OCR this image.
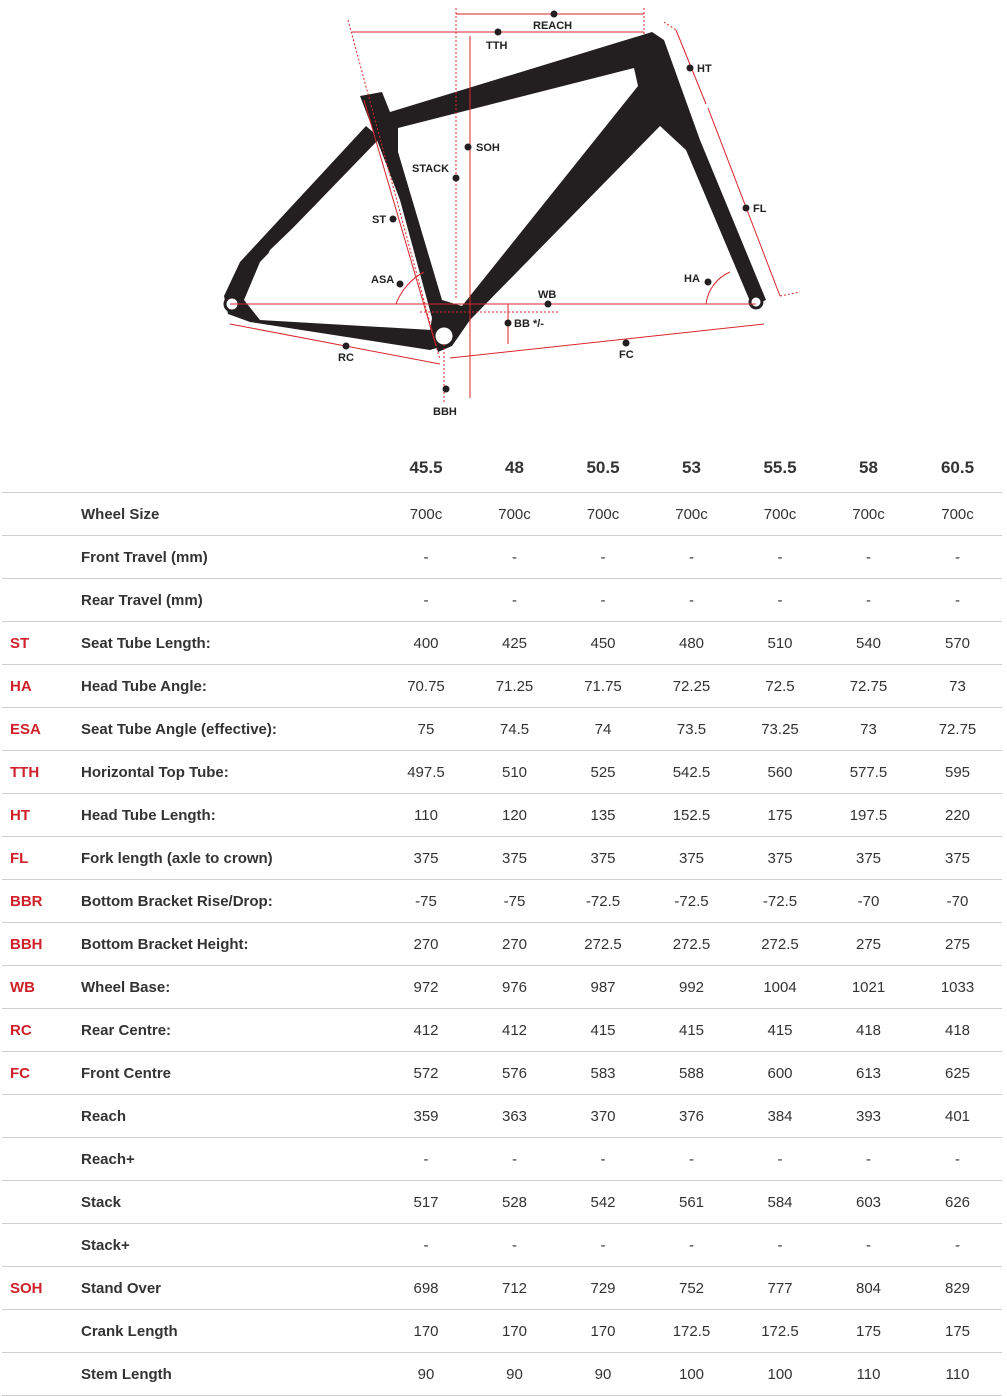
REACH
TTH
HT
SOH
STACK
ST
FL
ASA	HA
WB
BB */-
RC	FC
BBH
		45.5	48	50.5	53	55.5	58	60.5
	Wheel Size	700c	700c	700c	700c	700c	700c	700c
	Front Travel (mm)	-	-	-	-	-	-	-
	Rear Travel (mm)	-	-	-	-	-	-	-
ST	Seat Tube Length:	400	425	450	480	510	540	570
HA	Head Tube Angle:	70.75	71.25	71.75	72.25	72.5	72.75	73
ESA	Seat Tube Angle (effective):	75	74.5	74	73.5	73.25	73	72.75
TTH	Horizontal Top Tube:	497.5	510	525	542.5	560	577.5	595
HT	Head Tube Length:	110	120	135	152.5	175	197.5	220
FL	Fork length (axle to crown)	375	375	375	375	375	375	375
BBR	Bottom Bracket Rise/Drop:	-75	-75	-72.5	-72.5	-72.5	-70	-70
BBH	Bottom Bracket Height:	270	270	272.5	272.5	272.5	275	275
WB	Wheel Base:	972	976	987	992	1004	1021	1033
RC	Rear Centre:	412	412	415	415	415	418	418
FC	Front Centre	572	576	583	588	600	613	625
	Reach	359	363	370	376	384	393	401
	Reach+	-	-	-	-	-	-	-
	Stack	517	528	542	561	584	603	626
	Stack+	-	-	-	-	-	-	-
SOH	Stand Over	698	712	729	752	777	804	829
	Crank Length	170	170	170	172.5	172.5	175	175
	Stem Length	90	90	90	100	100	110	110
